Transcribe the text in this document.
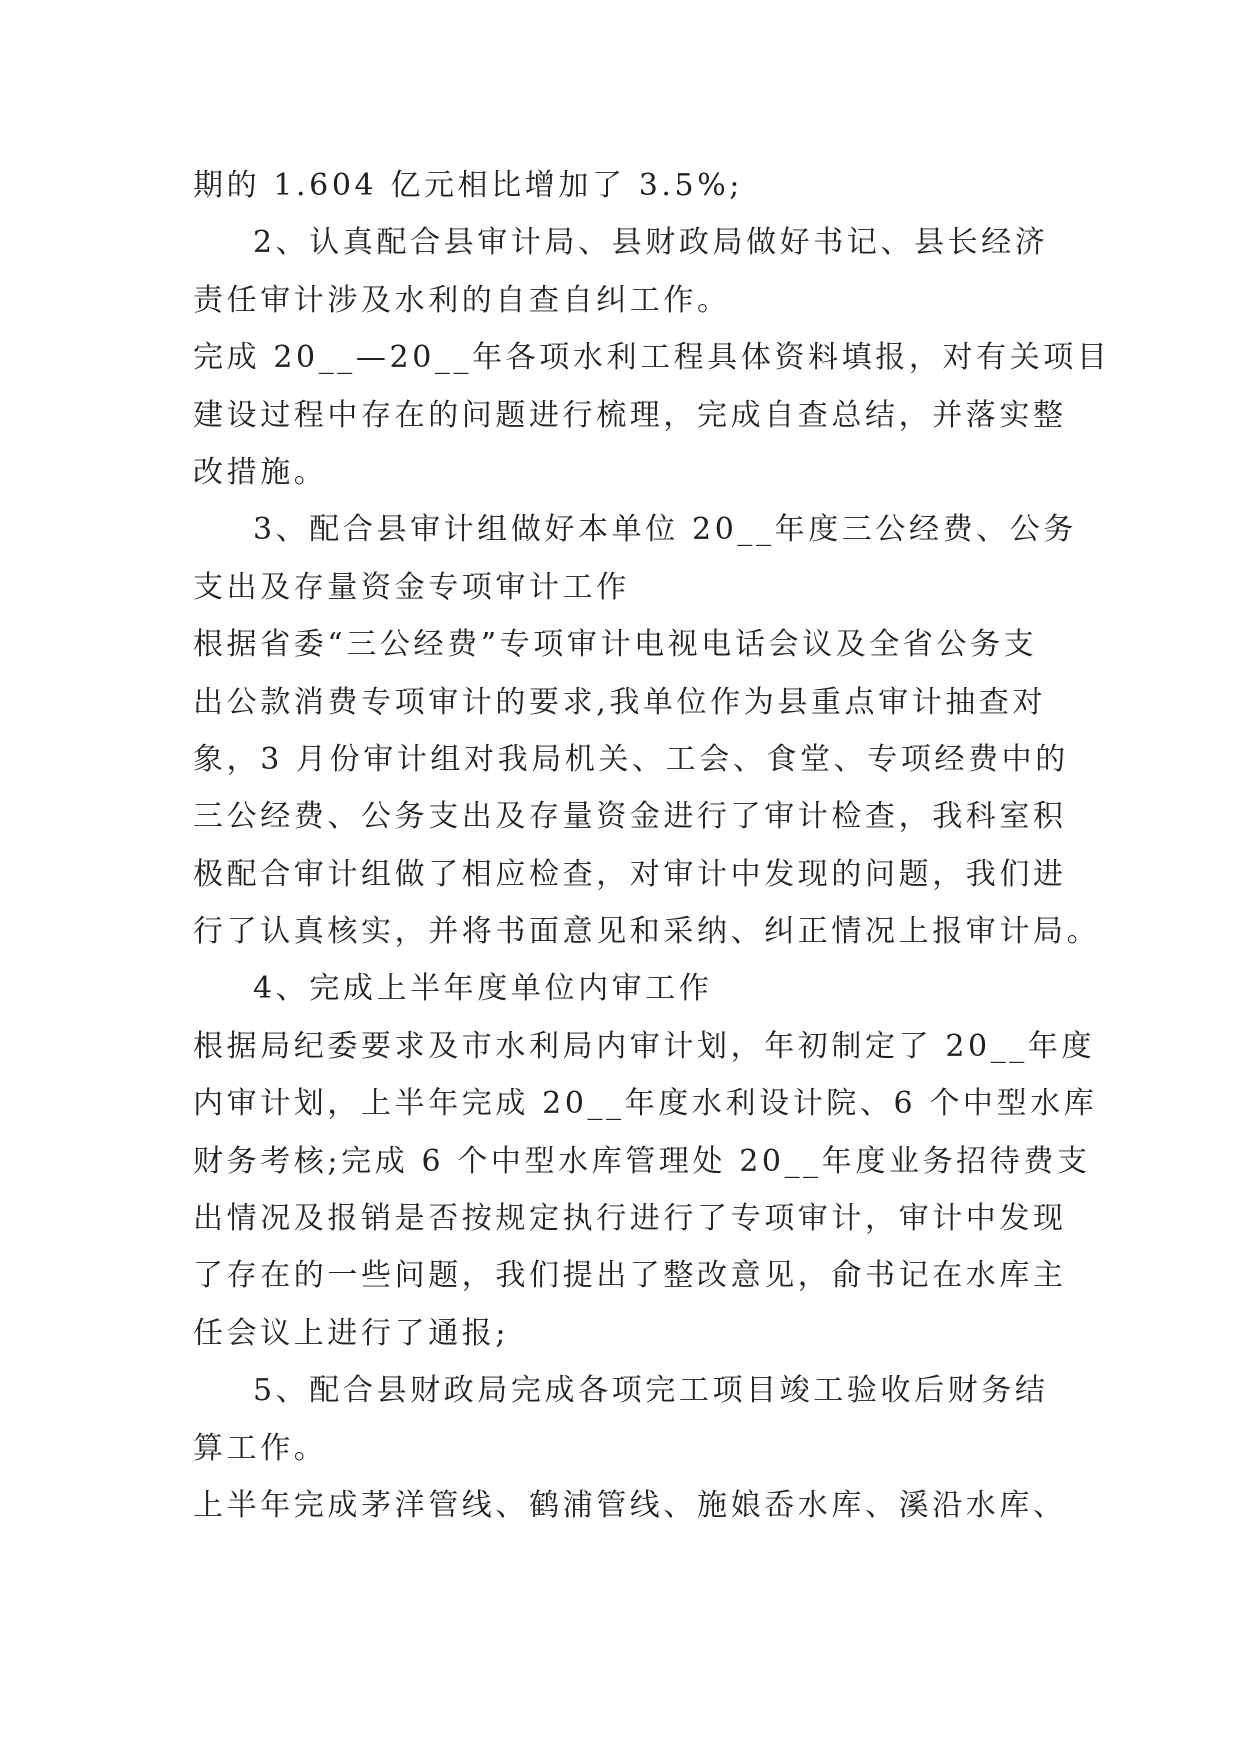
期的 1.604 亿元相比增加了 3.5%;
2、认真配合县审计局、县财政局做好书记、县长经济
责任审计涉及水利的自查自纠工作。
完成 20__—20__年各项水利工程具体资料填报，对有关项目
建设过程中存在的问题进行梳理，完成自查总结，并落实整
改措施。
3、配合县审计组做好本单位 20__年度三公经费、公务
支出及存量资金专项审计工作
根据省委“三公经费”专项审计电视电话会议及全省公务支
出公款消费专项审计的要求,我单位作为县重点审计抽查对
象，3 月份审计组对我局机关、工会、食堂、专项经费中的
三公经费、公务支出及存量资金进行了审计检查，我科室积
极配合审计组做了相应检查，对审计中发现的问题，我们进
行了认真核实，并将书面意见和采纳、纠正情况上报审计局。
4、完成上半年度单位内审工作
根据局纪委要求及市水利局内审计划，年初制定了 20__年度
内审计划，上半年完成 20__年度水利设计院、6 个中型水库
财务考核;完成 6 个中型水库管理处 20__年度业务招待费支
出情况及报销是否按规定执行进行了专项审计，审计中发现
了存在的一些问题，我们提出了整改意见，俞书记在水库主
任会议上进行了通报;
5、配合县财政局完成各项完工项目竣工验收后财务结
算工作。
上半年完成茅洋管线、鹤浦管线、施娘岙水库、溪沿水库、
